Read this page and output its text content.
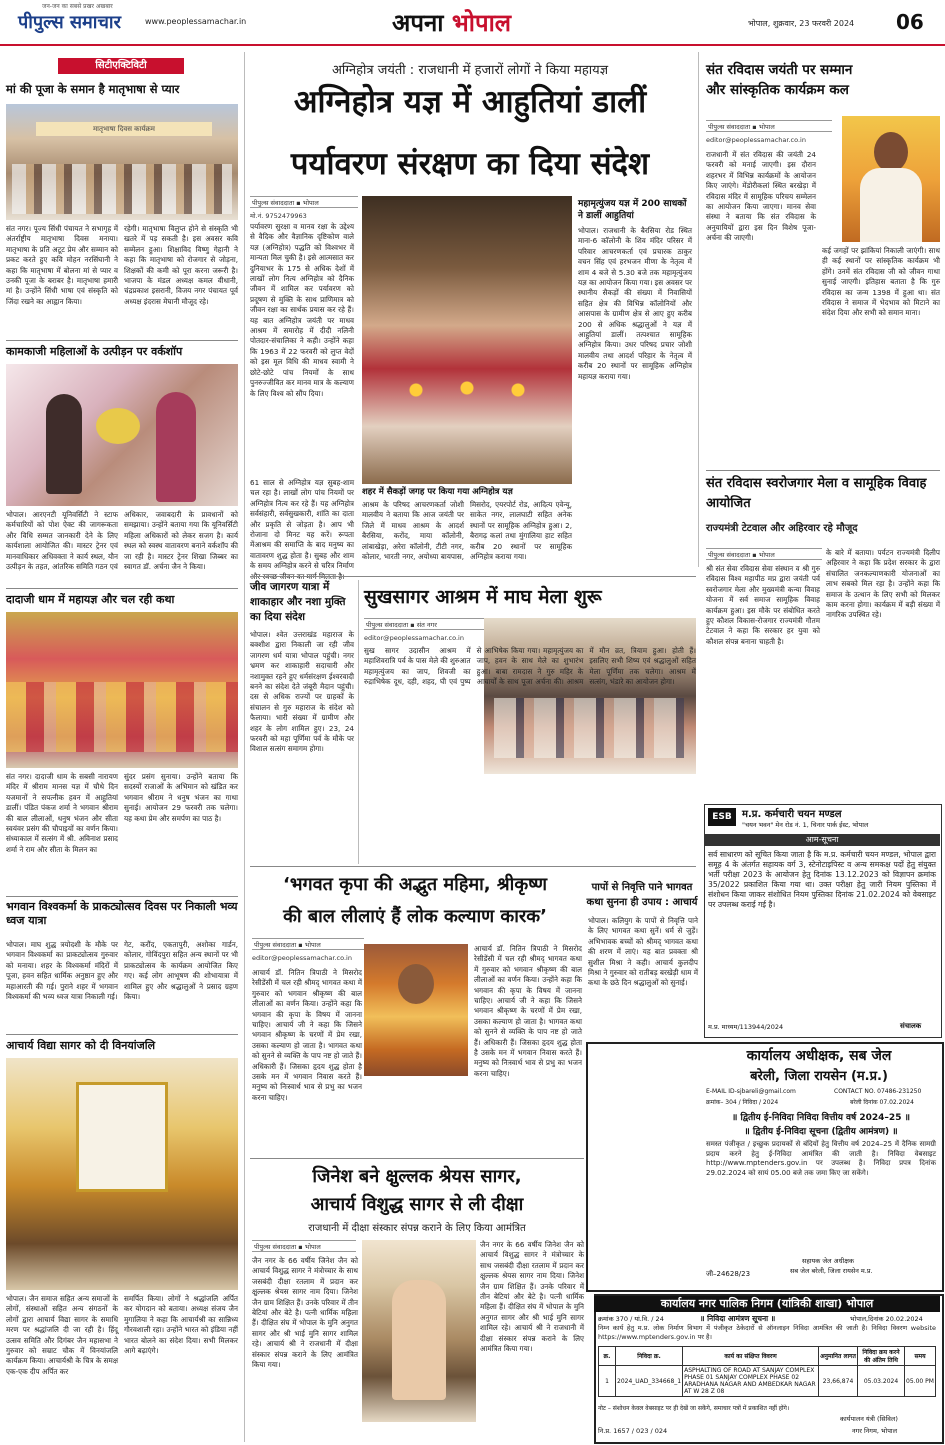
जन-जन का सबसे प्रखर अखबार
पीपुल्स समाचार	www.peoplessamachar.in	अपना भोपाल	भोपाल, शुक्रवार, 23 फरवरी 2024 06
सिटीएक्टिविटी
मां की पूजा के समान है मातृभाषा से प्यार
मातृभाषा दिवस कार्यक्रम
संत नगर। पूज्य सिंधी पंचायत ने सभागृह में अंतर्राष्ट्रीय मातृभाषा दिवस मनाया। मातृभाषा के प्रति अटूट प्रेम और सम्मान को प्रकट करते हुए कवि मोहन नरसिंघानी ने कहा कि मातृभाषा में बोलना मां से प्यार व उनकी पूजा के बराबर है। मातृभाषा हमारी मां है। उन्होंने सिंधी भाषा एवं संस्कृति को जिंदा रखने का आह्वान किया।
रहेगी। मातृभाषा विलुप्त होने से संस्कृति भी खतरे में पड़ सकती है। इस अवसर कवि सम्मेलन हुआ। शिक्षाविद विष्णु गेहानी ने कहा कि मातृभाषा को रोजगार से जोड़ना, शिक्षकों की कमी को पूरा करना जरूरी है। भाजपा के मंडल अध्यक्ष कमल वीधानी, चंद्रप्रकाश इसरानी, विजय नगर पंचायत पूर्व अध्यक्ष इंदरास मेघानी मौजूद रहे।
कामकाजी महिलाओं के उत्पीड़न पर वर्कशॉप
भोपाल। आरएनटी यूनिवर्सिटी ने स्टाफ कर्मचारियों को पोश ऐक्ट की जागरूकता और विधि सम्मत जानकारी देने के लिए कार्यशाला आयोजित की। मास्टर ट्रेनर एवं मानवाधिकार अधिवक्ता ने कार्य स्थल, यौन उत्पीड़न के तहत, आंतरिक समिति गठन एवं
अधिकार, जवाबदारी के प्रावधानों को समझाया। उन्होंने बताया गया कि यूनिवर्सिटी महिला अधिकारों को लेकर सजग है। कार्य स्थल को स्वस्थ वातावरण बनाने वर्कशॉप की जा रही है। मास्टर ट्रेनर शिखा जिब्बर का स्वागत डॉ. अर्चना जैन ने किया।
दादाजी धाम में महायज्ञ और चल रही कथा
संत नगर। दादाजी धाम के सबसी नारायण मंदिर में श्रीराम मानस यज्ञ में चौथे दिन यजमानों ने सपत्नीक हवन में आहुतियां डालीं। पंडित पंकज शर्मा ने भगवान श्रीराम की बाल लीलाओं, धनुष भंजन और सीता स्वयंवर प्रसंग की चौपाइयों का वर्णन किया। संध्याकाल में सत्संग में श्री. अविनाश प्रसाद शर्मा ने राम और सीता के मिलन का
सुंदर प्रसंग सुनाया। उन्होंने बताया कि सदस्यों राजाओं के अभिमान को खंडित कर भगवान श्रीराम ने धनुष भंजन का गाथा सुनाई। आयोजन 29 फरवरी तक चलेगा। यह कथा प्रेम और समर्पण का पाठ है।
भगवान विश्वकर्मा के प्राकट्योत्सव दिवस पर निकाली भव्य ध्वज यात्रा
भोपाल। माघ शुद्ध त्रयोदशी के मौके पर भगवान विश्वकर्मा का प्राकट्योत्सव गुरुवार को मनाया। शहर के विश्वकर्मा मंदिरों में पूजा, हवन सहित धार्मिक अनुष्ठान हुए और महाआरती की गई। पुराने शहर में भगवान विश्वकर्मा की भव्य ध्वज यात्रा निकाली गई।
गेट, करौंद, एकतापुरी, अशोका गार्डन, कोलार, गोविंदपुरा सहित अन्य स्थानों पर भी प्राकट्योत्सव के कार्यक्रम आयोजित किए गए। कई लोग आभूषण की शोभायात्रा में शामिल हुए और श्रद्धालुओं ने प्रसाद ग्रहण किया।
आचार्य विद्या सागर को दी विनयांजलि
भोपाल। जैन समाज सहित अन्य समाजों के लोगों, संस्थाओं सहित अन्य संगठनों के लोगों द्वारा आचार्य विद्या सागर के समाधि मरण पर श्रद्धांजलि दी जा रही है। हिंदू उत्सव समिति और दिगंबर जैन महासभा ने गुरुवार को सम्राट चौक में विनयांजलि कार्यक्रम किया। आचार्यश्री के चित्र के समक्ष एक-एक दीप अर्पित कर
समर्पित किया। लोगों ने श्रद्धांजलि अर्पित कर योगदान को बताया। अध्यक्ष संजय जैन मुगालिया ने कहा कि आचार्यश्री का सान्निध्य गौरवशाली रहा। उन्होंने भारत को इंडिया नहीं भारत बोलने का संदेश दिया। सभी मिलकर आगे बढ़ाएंगे।
अग्निहोत्र जयंती : राजधानी में हजारों लोगों ने किया महायज्ञ
अग्निहोत्र यज्ञ में आहुतियां डालीं
पर्यावरण संरक्षण का दिया संदेश
पीपुल्स संवाददाता ▪ भोपाल
मो.नं. 9752479963
पर्यावरण सुरक्षा व मानव रक्षा के उद्देश्य से वैदिक और वैज्ञानिक दृष्टिकोण वाले यज्ञ (अग्निहोत्र) पद्धति को विश्वभर में मान्यता मिल चुकी है। इसे आत्मसात कर दुनियाभर के 175 से अधिक देशों में लाखों लोग नित्य अग्निहोत्र को दैनिक जीवन में शामिल कर पर्यावरण को प्रदूषण से मुक्ति के साथ प्राणिमात्र को जीवन रक्षा का सार्थक प्रयास कर रहे हैं। यह बात अग्निहोत्र जयंती पर माधव आश्रम में समारोह में दीदी नलिनी पोतदार-संचालिका ने कही। उन्होंने कहा कि 1963 में 22 फरवरी को लुप्त वेदों को इस मूल विधि की माधव स्वामी ने छोटे-छोटे पांच नियमों के साथ पुनरुज्जीवित कर मानव मात्र के कल्याण के लिए विश्व को सौंप दिया।
61 साल से अग्निहोत्र यज्ञ सुबह-शाम चल रहा है। लाखों लोग पांच नियमों पर अग्निहोत्र नित्य कर रहे हैं। यह अग्निहोत्र सर्वसंहारी, सर्वसुखकारी, शांति का दाता और प्रकृति से जोड़ता है। आप भी रोजाना दो मिनट यह करें। रूपता मेंआश्रम की समाप्ति के बाद मनुष्य का वातावरण शुद्ध होता है। सुबह और शाम के समय अग्निहोत्र करने से चरित्र निर्माण
शहर में सैकड़ों जगह पर किया गया अग्निहोत्र यज्ञ
आश्रम के परिषद आचरणकर्ता जोशी मालवीय ने बताया कि आज जयंती पर जिले में माधव आश्रम के आदर्श बैरसिया, करोंद, माया कॉलोनी, लांबाखेड़ा, अरेरा कॉलोनी, टीटी नगर, कोलार, भारती नगर, अयोध्या बायपास, मिसरोद, एयरपोर्ट रोड, आदित्य एवेन्यू, साकेत नगर, लालघाटी सहित अनेक स्थानों पर सामूहिक अग्निहोत्र हुआ। 2, बैरागढ़ कलां तथा मुंगालिया हाट सहित करीब 20 स्थानों पर सामूहिक अग्निहोत्र कराया गया।
महामृत्युंजय यज्ञ में 200 साधकों ने डालीं आहुतियां
भोपाल। राजधानी के बैरसिया रोड स्थित माना-6 कॉलोनी के शिव मंदिर परिसर में परिवार आचरणकर्ता एवं प्रचारक ठाकुर वचन सिंह एवं हरभजन मीणा के नेतृत्व में शाम 4 बजे से 5.30 बजे तक महामृत्युंजय यज्ञ का आयोजन किया गया। इस अवसर पर स्थानीय सैकड़ों की संख्या में निवासियों सहित क्षेत्र की विभिन्न कॉलोनियों और आसपास के ग्रामीण क्षेत्र से आए हुए करीब 200 से अधिक श्रद्धालुओं ने यज्ञ में आहुतियां डालीं। तत्पश्चात सामूहिक अग्निहोत्र किया। उधर परिषद प्रचार जोशी मालवीय तथा आदर्श परिहार के नेतृत्व में करीब 20 स्थानों पर सामूहिक अग्निहोत्र महायज्ञ कराया गया।
संत रविदास जयंती पर सम्मान और सांस्कृतिक कार्यक्रम कल
पीपुल्स संवाददाता ▪ भोपाल
editor@peoplessamachar.co.in
राजधानी में संत रविदास की जयंती 24 फरवरी को मनाई जाएगी। इस दौरान शहरभर में विभिन्न कार्यक्रमों के आयोजन किए जाएंगे। मेंडोरीकलां स्थित बरखेड़ा में रविदास मंदिर में सामूहिक परिचय सम्मेलन का आयोजन किया जाएगा। मानव सेवा संस्था ने बताया कि संत रविदास के अनुयायियों द्वारा इस दिन विशेष पूजा-अर्चना की जाएगी।
कई जगहों पर झांकियां निकाली जाएंगी। साथ ही कई स्थानों पर सांस्कृतिक कार्यक्रम भी होंगे। उनमें संत रविदास जी को जीवन गाथा सुनाई जाएगी। इतिहास बताता है कि गुरु रविदास का जन्म 1398 में हुआ था। संत रविदास ने समाज में भेदभाव को मिटाने का संदेश दिया और सभी को समान माना।
संत रविदास स्वरोजगार मेला व सामूहिक विवाह आयोजित
राज्यमंत्री टेटवाल और अहिरवार रहे मौजूद
पीपुल्स संवाददाता ▪ भोपाल
श्री संत सेवा रविदास सेवा संस्थान व श्री गुरु रविदास विश्व महापीठ मप्र द्वारा जयंती पर्व स्वरोजगार मेला और मुख्यमंत्री कन्या विवाह योजना में सर्व समाज सामूहिक विवाह कार्यक्रम हुआ। इस मौके पर संबोधित करते हुए कौशल विकास-रोजगार राज्यमंत्री गौतम टेटवाल ने कहा कि सरकार हर युवा को कौशल संपन्न बनाना चाहती है।
के बारे में बताया। पर्यटन राज्यमंत्री दिलीप अहिरवार ने कहा कि प्रदेश सरकार के द्वारा संचालित जनकल्याणकारी योजनाओं का लाभ सबको मिल रहा है। उन्होंने कहा कि समाज के उत्थान के लिए सभी को मिलकर काम करना होगा। कार्यक्रम में बड़ी संख्या में नागरिक उपस्थित रहे।
जीव जागरण यात्रा में शाकाहार और नशा मुक्ति का दिया संदेश
भोपाल। श्वेत उत्तराखंड महाराज के बक्शीश द्वारा निकाली जा रही जीव जागरण धर्म यात्रा भोपाल पहुंची। नगर भ्रमण कर शाकाहारी सदाचारी और नशामुक्त रहने हुए धर्मसंरक्षण ईश्वरवादी बनने का संदेश देते जंबूरी मैदान पहुंची। दस से अधिक राज्यों पर ग्राहकों के संचालन से गुरु महाराज के संदेश को फैलाया। भारी संख्या में ग्रामीण और शहर के लोग शामिल हुए। 23, 24 फरवरी को महा पूर्णिमा पर्व के मौके पर विशाल सत्संग समागम होगा।
सुखसागर आश्रम में माघ मेला शुरू
पीपुल्स संवाददाता ▪ संत नगर
editor@peoplessamachar.co.in
सुख सागर उदासीन आश्रम में महाशिवरात्रि पर्व के पास मेले की शुरुआत महामृत्युंजय का जाप, शिवजी का रुद्राभिषेक दूध, दही, शहद, घी एवं पुष्प से आभिषेक किया गया। महामृत्युंजय का जाप, हवन के साथ मेले का शुभारंभ हुआ। बाबा रामदास ने गुरु महिर के आचार्यों के साथ पूजा अर्चना की। आश्रम में मौन व्रत, त्रियाम हुआ। होती हैं। इसलिए सभी शिष्य एवं श्रद्धालुओं सहित मेला पूर्णिमा तक चलेगा। आश्रम में सत्संग, भंडारे का आयोजन होगा।
ESB	म.प्र. कर्मचारी चयन मण्डल
"चयन भवन" मेन रोड नं. 1, चिनार पार्क ईस्ट, भोपाल
आम-सूचना
सर्व साधारण को सूचित किया जाता है कि म.प्र. कर्मचारी चयन मण्डल, भोपाल द्वारा समूह 4 के अंतर्गत सहायक वर्ग 3, स्टेनोटाइपिस्ट व अन्य समकक्ष पदों हेतु संयुक्त भर्ती परीक्षा 2023 के आयोजन हेतु दिनांक 13.12.2023 को विज्ञापन क्रमांक 35/2022 प्रकाशित किया गया था। उक्त परीक्षा हेतु जारी नियम पुस्तिका में संशोधन किया जाकर संशोधित नियम पुस्तिका दिनांक 21.02.2024 को वेबसाइट पर उपलब्ध कराई गई है।
म.प्र. माध्यम/113944/2024	संचालक
पापों से निवृत्ति पाने भागवत कथा सुनना ही उपाय : आचार्य
‘भगवत कृपा की अद्भुत महिमा, श्रीकृष्ण
की बाल लीलाएं हैं लोक कल्याण कारक’
पीपुल्स संवाददाता ▪ भोपाल
editor@peoplessamachar.co.in
आचार्य डॉ. नितिन त्रिपाठी ने मिसरोद रेसीडेंसी में चल रही श्रीमद् भागवत कथा में गुरुवार को भगवान श्रीकृष्ण की बाल लीलाओं का वर्णन किया। उन्होंने कहा कि भगवान की कृपा के विषय में जानना चाहिए। आचार्य जी ने कहा कि जिसने भगवान श्रीकृष्ण के चरणों में प्रेम रखा, उसका कल्याण हो जाता है। भागवत कथा को सुनने से व्यक्ति के पाप नष्ट हो जाते हैं। अधिकारी हैं। जिसका हृदय शुद्ध होता है उसके मन में भगवान निवास करते हैं। मनुष्य को निःस्वार्थ भाव से प्रभु का भजन करना चाहिए।
आचार्य डॉ. नितिन त्रिपाठी ने मिसरोद रेसीडेंसी में चल रही श्रीमद् भागवत कथा में गुरुवार को भगवान श्रीकृष्ण की बाल लीलाओं का वर्णन किया। उन्होंने कहा कि भगवान की कृपा के विषय में जानना चाहिए। आचार्य जी ने कहा कि जिसने भगवान श्रीकृष्ण के चरणों में प्रेम रखा, उसका कल्याण हो जाता है। भागवत कथा को सुनने से व्यक्ति के पाप नष्ट हो जाते हैं। अधिकारी हैं। जिसका हृदय शुद्ध होता है उसके मन में भगवान निवास करते हैं। मनुष्य को निःस्वार्थ भाव से प्रभु का भजन करना चाहिए।
भोपाल। कलियुग के पापों से निवृत्ति पाने के लिए भागवत कथा सुनें। धर्म से जुड़ें। अभिभावक बच्चों को श्रीमद् भागवत कथा की शरण में लाएं। यह बात प्रवक्ता श्री सुशील मिश्रा ने कही। आचार्य कुलदीप मिश्रा ने गुरुवार को रातीबड़ बरखेड़ी धाम में कथा के छठे दिन श्रद्धालुओं को सुनाई।
जिनेश बने क्षुल्लक श्रेयस सागर,
आचार्य विशुद्ध सागर से ली दीक्षा
राजधानी में दीक्षा संस्कार संपन्न कराने के लिए किया आमंत्रित
पीपुल्स संवाददाता ▪ भोपाल
जैन नगर के 66 वर्षीय जिनेश जैन को आचार्य विशुद्ध सागर ने मंत्रोच्चार के साथ जसबंदी दीक्षा रतलाम में प्रदान कर क्षुल्लक श्रेयस सागर नाम दिया। जिनेश जैन ग्राम शिक्षित हैं। उनके परिवार में तीन बेटियां और बेटे है। पत्नी धार्मिक महिला हैं। दीक्षित संघ में भोपाल के मुनि अनुगत सागर और श्री भाई मुनि सागर शामिल रहे। आचार्य श्री ने राजधानी में दीक्षा संस्कार संपन्न कराने के लिए आमंत्रित किया गया।
जैन नगर के 66 वर्षीय जिनेश जैन को आचार्य विशुद्ध सागर ने मंत्रोच्चार के साथ जसबंदी दीक्षा रतलाम में प्रदान कर क्षुल्लक श्रेयस सागर नाम दिया। जिनेश जैन ग्राम शिक्षित हैं। उनके परिवार में तीन बेटियां और बेटे है। पत्नी धार्मिक महिला हैं। दीक्षित संघ में भोपाल के मुनि अनुगत सागर और श्री भाई मुनि सागर शामिल रहे। आचार्य श्री ने राजधानी में दीक्षा संस्कार संपन्न कराने के लिए आमंत्रित किया गया।
कार्यालय अधीक्षक, सब जेल
बरेली, जिला रायसेन (म.प्र.)
E-MAIL ID-sjbareli@gmail.com	CONTACT NO. 07486-231250
क्रमांक– 304 / निविदा / 2024	बरेली दिनांक 07.02.2024
॥ द्वितीय ई-निविदा निविदा वित्तीय वर्ष 2024–25 ॥
॥ द्वितीय ई-निविदा सूचना (द्वितीय आमंत्रण) ॥
समस्त पंजीकृत / इच्छुक प्रदायकों से बंदियों हेतु वित्तीय वर्ष 2024–25 में दैनिक सामग्री प्रदाय करने हेतु ई-निविदा आमंत्रित की जाती है। निविदा वेबसाइट http://www.mptenders.gov.in पर उपलब्ध है। निविदा प्रपत्र दिनांक 29.02.2024 को सायं 05.00 बजे तक जमा किए जा सकेंगे।
जी–24628/23
सहायक जेल अधीक्षक
सब जेल बरेली, जिला रायसेन म.प्र.
कार्यालय नगर पालिक निगम (यांत्रिकी शाखा) भोपाल
क्रमांक 370 / यां.वि. / 24	॥ निविदा आमंत्रण सूचना ॥	भोपाल,दिनांक 20.02.2024
निम्न कार्य हेतु म.प्र. लोक निर्माण विभाग में पंजीकृत ठेकेदारों से ऑनलाइन निविदा आमंत्रित की जाती है। निविदा विवरण website https://www.mptenders.gov.in पर है।
क्र.	निविदा क्र.	कार्य का संक्षिप्त विवरण	अनुमानित लागत	निविदा क्रय करने की अंतिम तिथि	समय
1	2024_UAD_334668_1	ASPHALTING OF ROAD AT SANJAY COMPLEX PHASE 01 SANJAY COMPLEX PHASE 02 ARADHANA NAGAR AND AMBEDKAR NAGAR AT W 28 Z 08	23,66,874	05.03.2024	05.00 PM
नोट – संशोधन केवल वेबसाइट पर ही देखें जा सकेंगे, समाचार पत्रों में प्रकाशित नहीं होंगे।
नि.प्र. 1657 / 023 / 024
कार्यपालन यंत्री (सिविल)
नगर निगम, भोपाल
